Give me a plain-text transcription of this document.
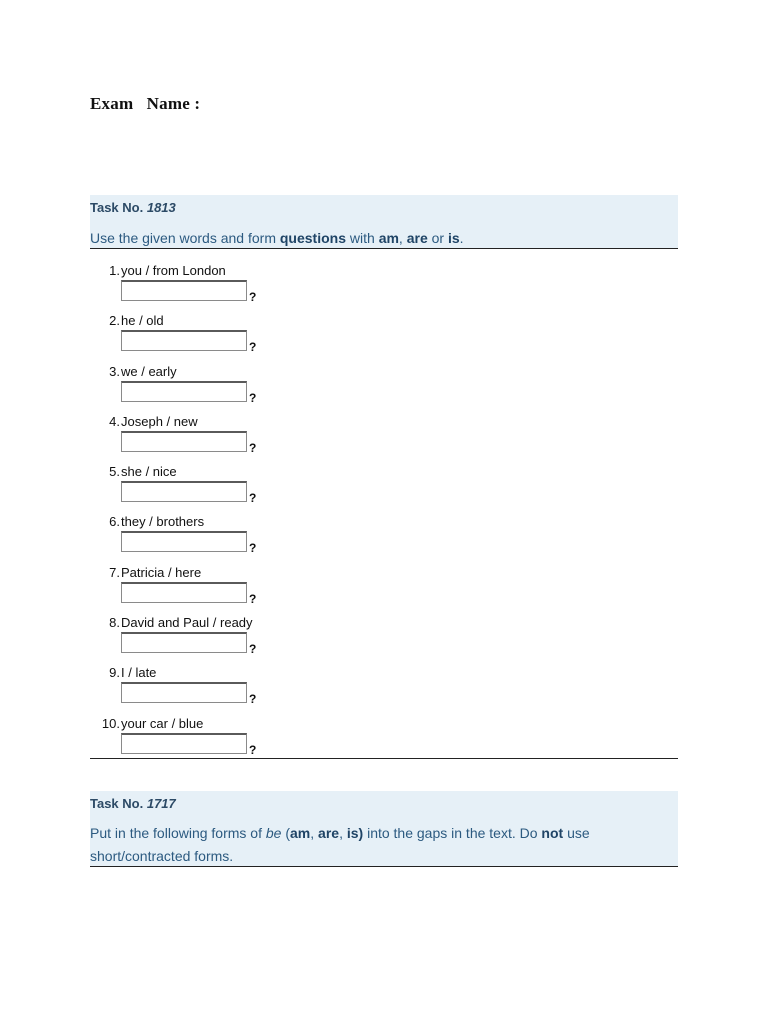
Exam   Name :
Task No. 1813
Use the given words and form questions with am, are or is.
1. you / from London
?
2. he / old
?
3. we / early
?
4. Joseph / new
?
5. she / nice
?
6. they / brothers
?
7. Patricia / here
?
8. David and Paul / ready
?
9. I / late
?
10. your car / blue
?
Task No. 1717
Put in the following forms of be (am, are, is) into the gaps in the text. Do not use short/contracted forms.
